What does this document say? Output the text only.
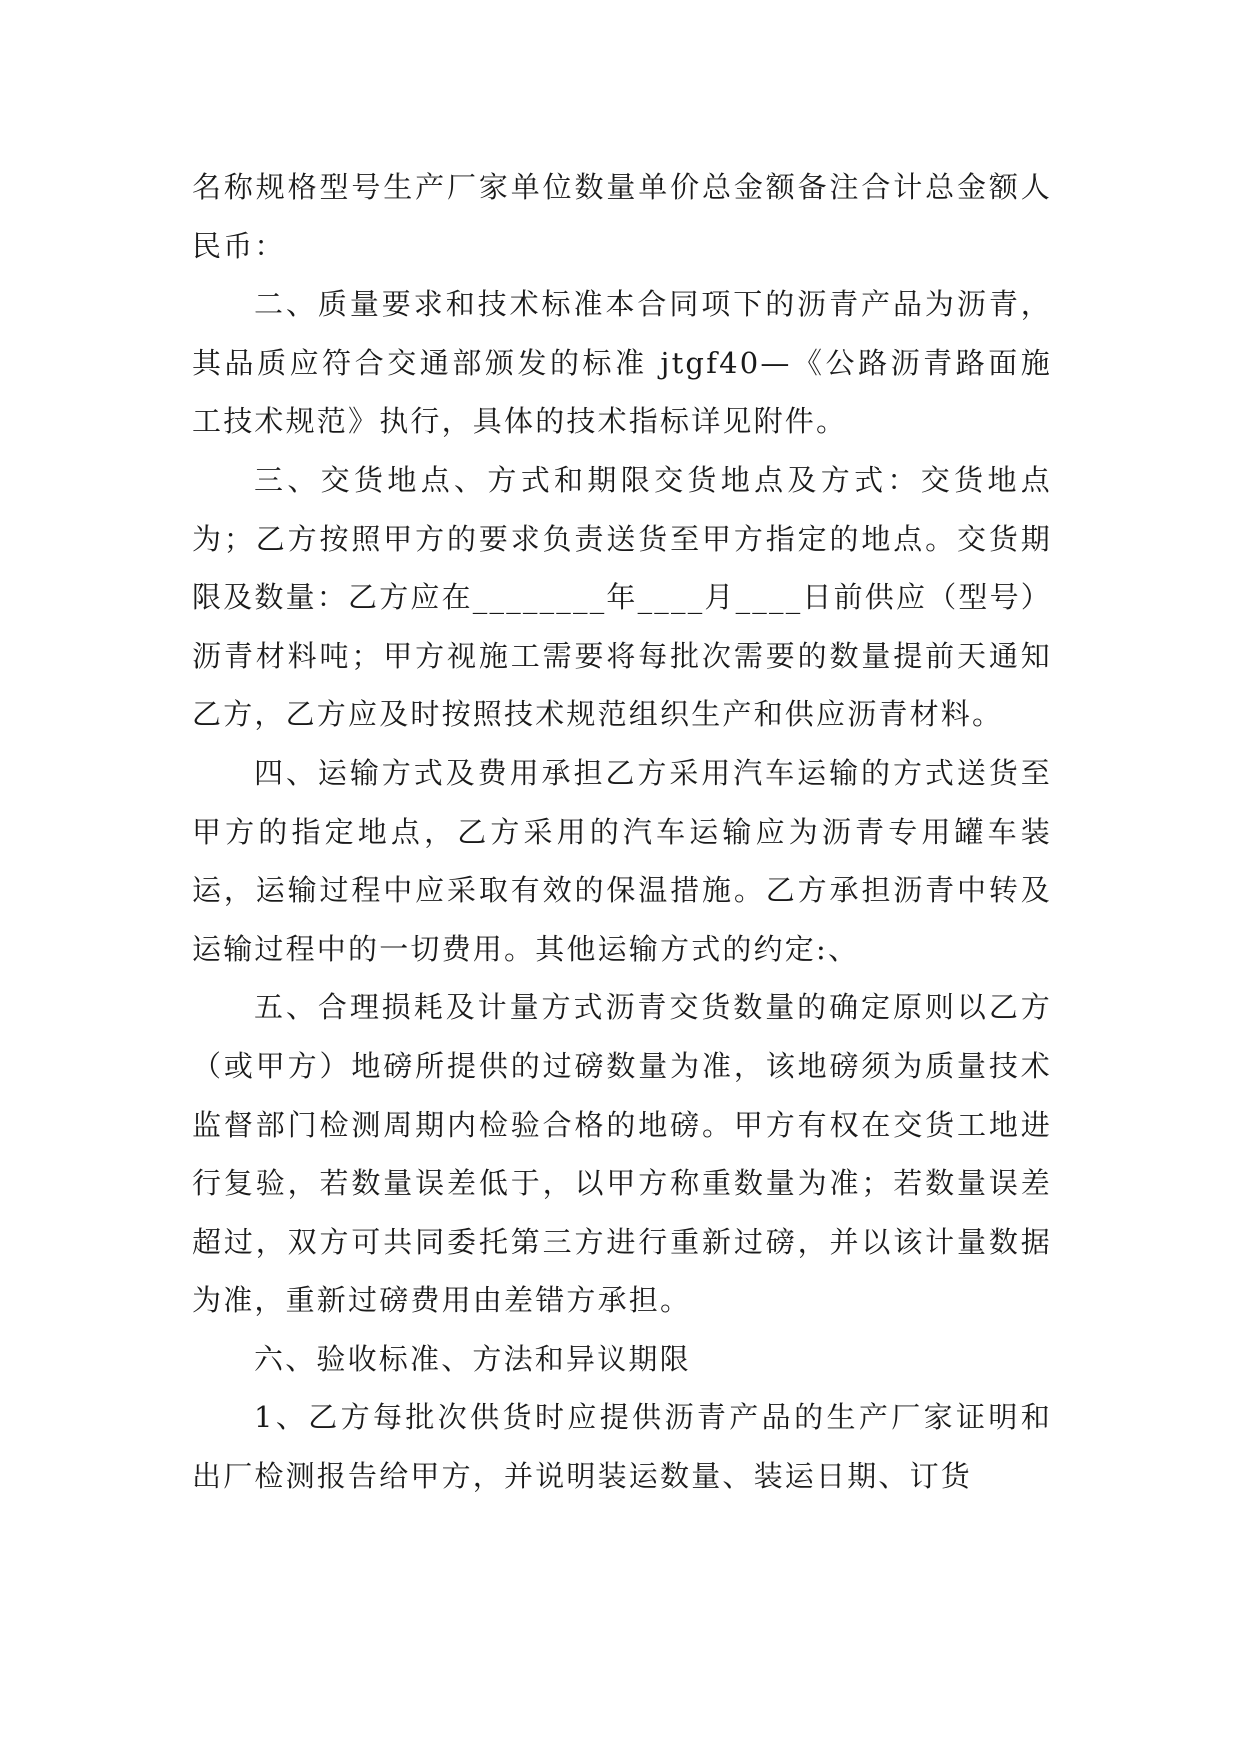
名称规格型号生产厂家单位数量单价总金额备注合计总金额人民币：

二、质量要求和技术标准本合同项下的沥青产品为沥青，其品质应符合交通部颁发的标准 jtgf40—《公路沥青路面施工技术规范》执行，具体的技术指标详见附件。

三、交货地点、方式和期限交货地点及方式：交货地点为；乙方按照甲方的要求负责送货至甲方指定的地点。交货期限及数量：乙方应在________年____月____日前供应（型号）沥青材料吨；甲方视施工需要将每批次需要的数量提前天通知乙方，乙方应及时按照技术规范组织生产和供应沥青材料。

四、运输方式及费用承担乙方采用汽车运输的方式送货至甲方的指定地点，乙方采用的汽车运输应为沥青专用罐车装运，运输过程中应采取有效的保温措施。乙方承担沥青中转及运输过程中的一切费用。其他运输方式的约定:、

五、合理损耗及计量方式沥青交货数量的确定原则以乙方（或甲方）地磅所提供的过磅数量为准，该地磅须为质量技术监督部门检测周期内检验合格的地磅。甲方有权在交货工地进行复验，若数量误差低于，以甲方称重数量为准；若数量误差超过，双方可共同委托第三方进行重新过磅，并以该计量数据为准，重新过磅费用由差错方承担。

六、验收标准、方法和异议期限

1、乙方每批次供货时应提供沥青产品的生产厂家证明和出厂检测报告给甲方，并说明装运数量、装运日期、订货
